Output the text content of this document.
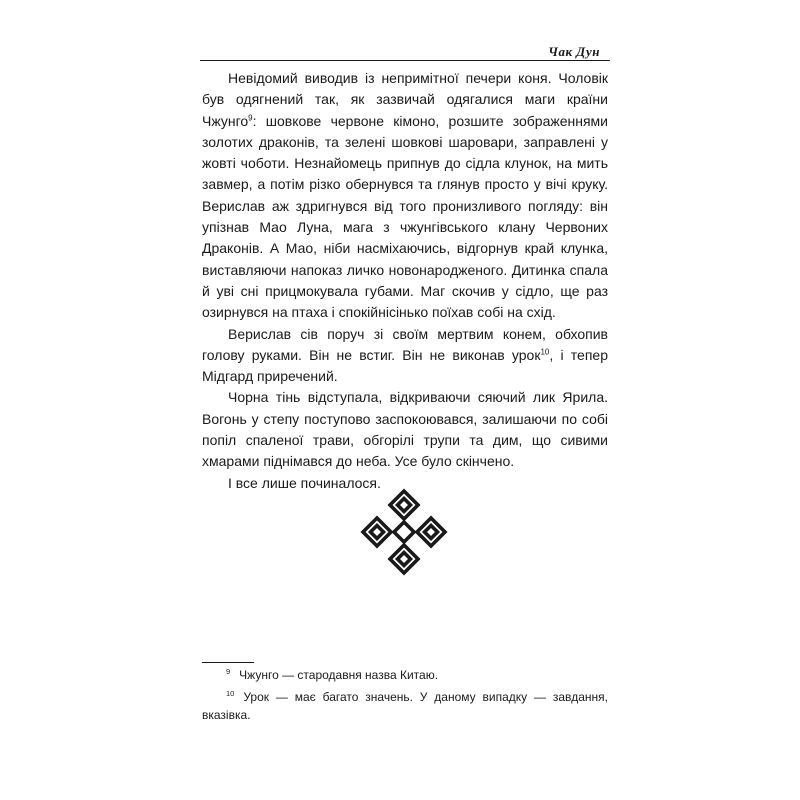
Чак Дун

Невідомий виводив із непримітної печери коня. Чоловік був одягнений так, як зазвичай одягалися маги країни Чжунго$^9$: шовкове червоне кімоно, розшите зображеннями золотих драконів, та зелені шовкові шаровари, заправлені у жовті чоботи. Незнайомець припнув до сідла клунок, на мить завмер, а потім різко обернувся та глянув просто у вічі круку. Верислав аж здригнувся від того пронизливого погляду: він упізнав Мао Луна, мага з чжунгівського клану Червоних Драконів. А Мао, ніби насміхаючись, відгорнув край клунка, виставляючи напоказ личко новонародженого. Дитинка спала й уві сні прицмокувала губами. Маг скочив у сідло, ще раз озирнувся на птаха і спокійнісінько поїхав собі на схід.

Верислав сів поруч зі своїм мертвим конем, обхопив голову руками. Він не встиг. Він не виконав урок$^{10}$, і тепер Мідгард приречений.

Чорна тінь відступала, відкриваючи сяючий лик Ярила. Вогонь у степу поступово заспокоювався, залишаючи по собі попіл спаленої трави, обгорілі трупи та дим, що сивими хмарами піднімався до неба. Усе було скінчено.

І все лише починалося.

$^9$ Чжунго — стародавня назва Китаю.

$^{10}$ Урок — має багато значень. У даному випадку — завдання, вказівка.
